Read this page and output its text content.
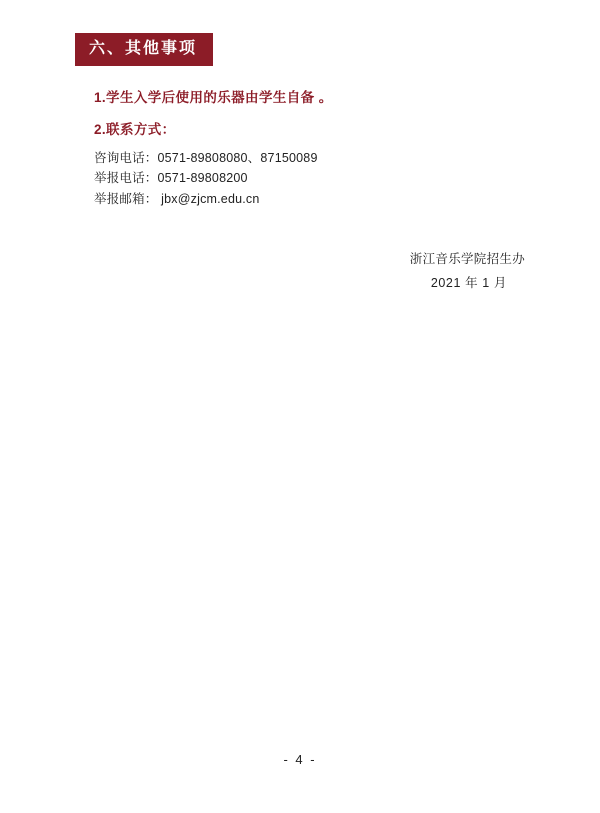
六、其他事项
1.学生入学后使用的乐器由学生自备 。
2.联系方式：
咨询电话：0571-89808080、87150089
举报电话：0571-89808200
举报邮箱： jbx@zjcm.edu.cn
浙江音乐学院招生办
2021 年 1 月
- 4 -
